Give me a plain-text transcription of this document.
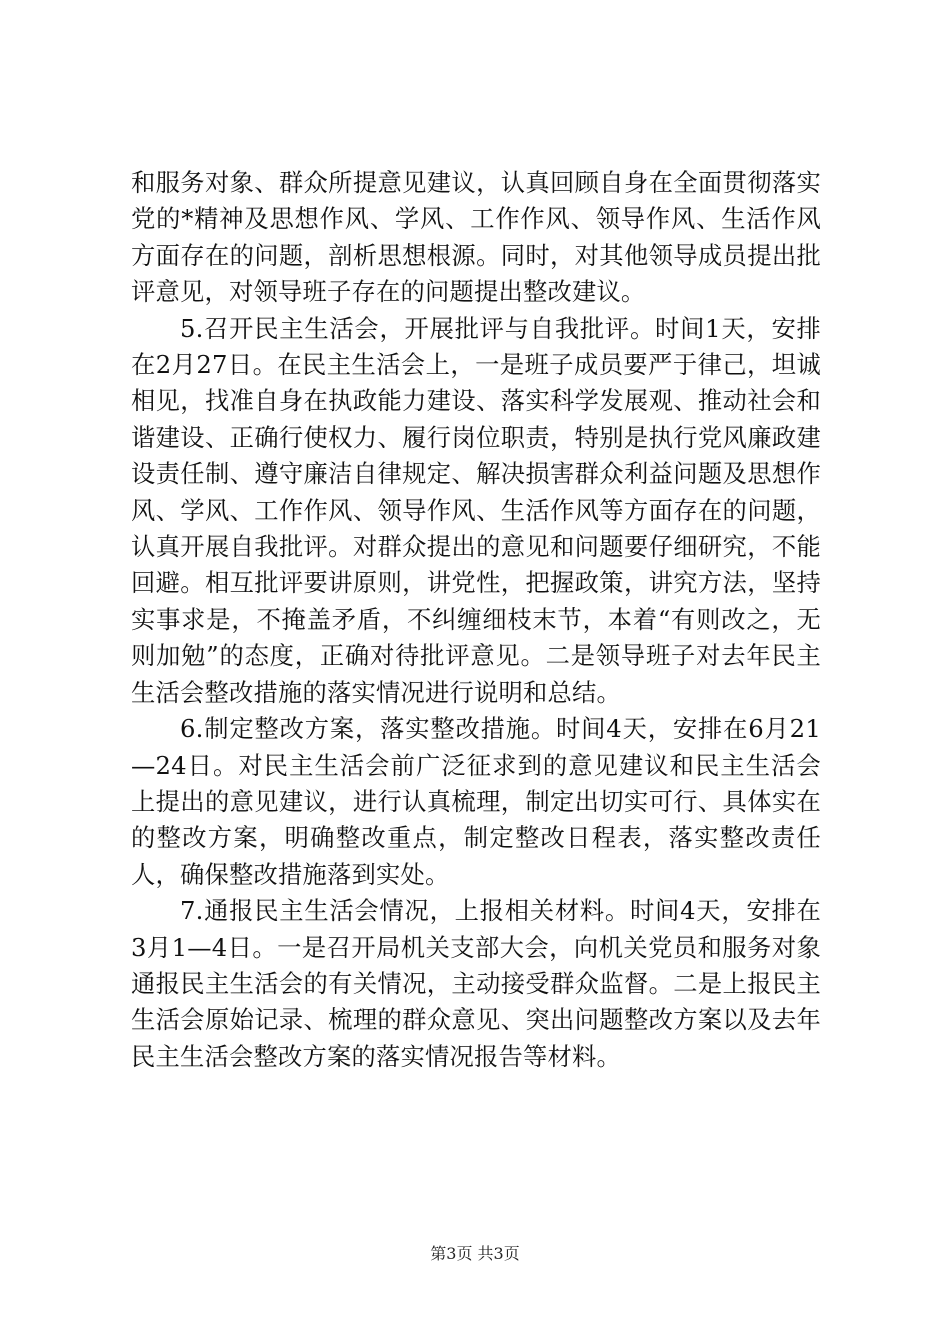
和服务对象、群众所提意见建议，认真回顾自身在全面贯彻落实党的*精神及思想作风、学风、工作作风、领导作风、生活作风方面存在的问题，剖析思想根源。同时，对其他领导成员提出批评意见，对领导班子存在的问题提出整改建议。

5.召开民主生活会，开展批评与自我批评。时间1天，安排在2月27日。在民主生活会上，一是班子成员要严于律己，坦诚相见，找准自身在执政能力建设、落实科学发展观、推动社会和谐建设、正确行使权力、履行岗位职责，特别是执行党风廉政建设责任制、遵守廉洁自律规定、解决损害群众利益问题及思想作风、学风、工作作风、领导作风、生活作风等方面存在的问题，认真开展自我批评。对群众提出的意见和问题要仔细研究，不能回避。相互批评要讲原则，讲党性，把握政策，讲究方法，坚持实事求是，不掩盖矛盾，不纠缠细枝末节，本着“有则改之，无则加勉”的态度，正确对待批评意见。二是领导班子对去年民主生活会整改措施的落实情况进行说明和总结。

6.制定整改方案，落实整改措施。时间4天，安排在6月21—24日。对民主生活会前广泛征求到的意见建议和民主生活会上提出的意见建议，进行认真梳理，制定出切实可行、具体实在的整改方案，明确整改重点，制定整改日程表，落实整改责任人，确保整改措施落到实处。

7.通报民主生活会情况，上报相关材料。时间4天，安排在3月1—4日。一是召开局机关支部大会，向机关党员和服务对象通报民主生活会的有关情况，主动接受群众监督。二是上报民主生活会原始记录、梳理的群众意见、突出问题整改方案以及去年民主生活会整改方案的落实情况报告等材料。

第3页 共3页
